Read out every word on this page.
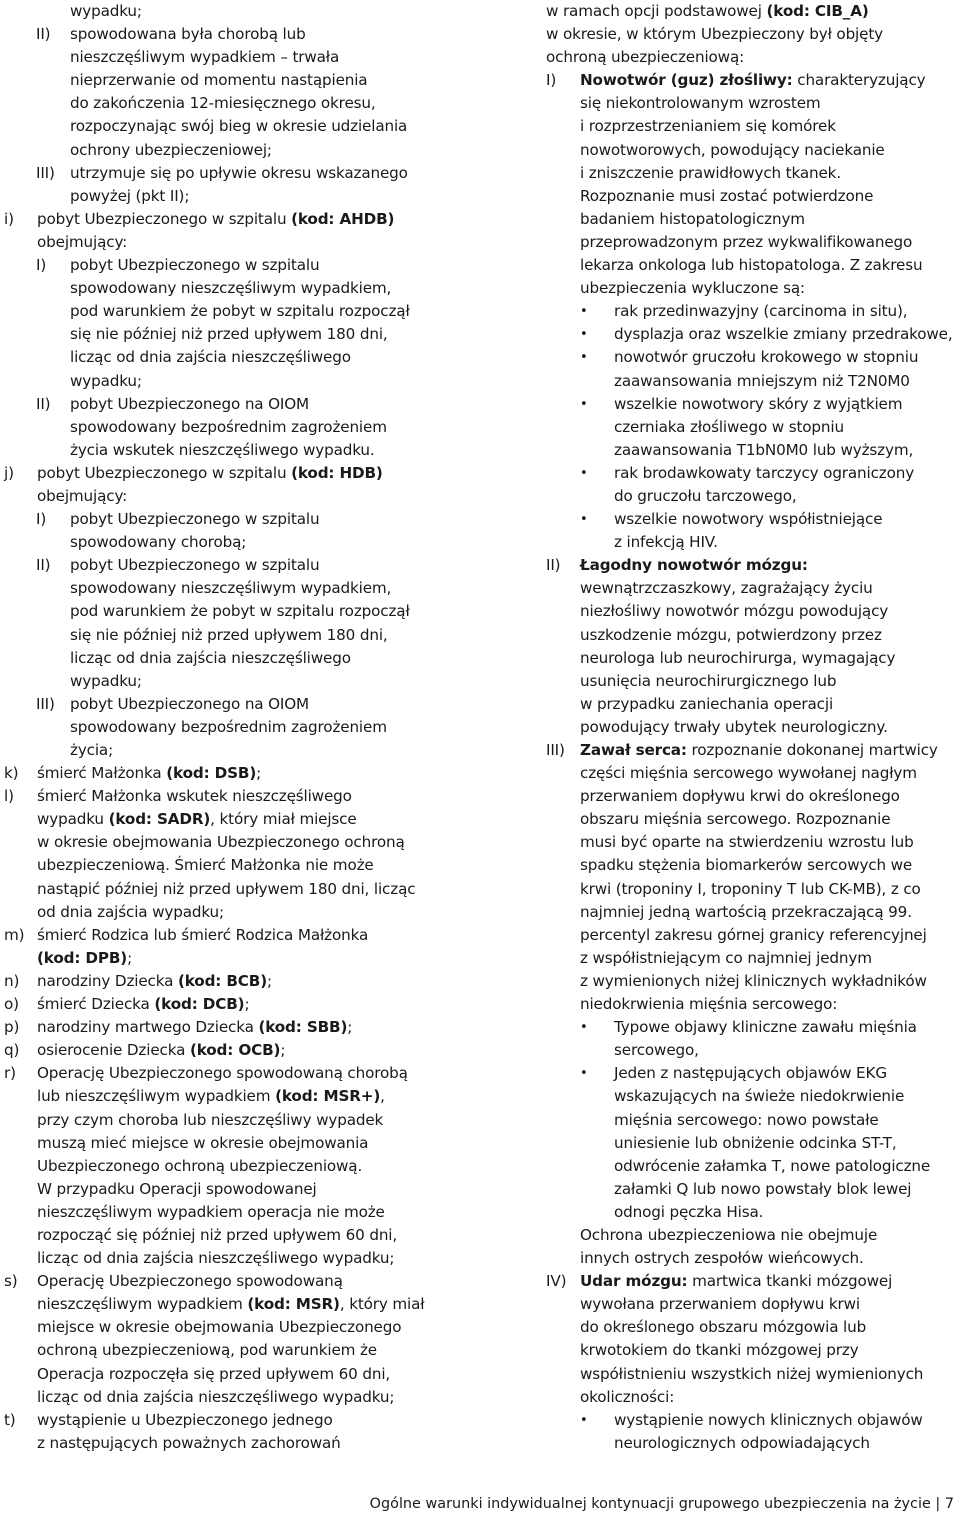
wypadku;
II) spowodowana była chorobą lub
nieszczęśliwym wypadkiem – trwała
nieprzerwanie od momentu nastąpienia
do zakończenia 12-miesięcznego okresu,
rozpoczynając swój bieg w okresie udzielania
ochrony ubezpieczeniowej;
III) utrzymuje się po upływie okresu wskazanego
powyżej (pkt II);
i) pobyt Ubezpieczonego w szpitalu (kod: AHDB)
obejmujący:
I) pobyt Ubezpieczonego w szpitalu
spowodowany nieszczęśliwym wypadkiem,
pod warunkiem że pobyt w szpitalu rozpoczął
się nie później niż przed upływem 180 dni,
licząc od dnia zajścia nieszczęśliwego
wypadku;
II) pobyt Ubezpieczonego na OIOM
spowodowany bezpośrednim zagrożeniem
życia wskutek nieszczęśliwego wypadku.
j) pobyt Ubezpieczonego w szpitalu (kod: HDB)
obejmujący:
I) pobyt Ubezpieczonego w szpitalu
spowodowany chorobą;
II) pobyt Ubezpieczonego w szpitalu
spowodowany nieszczęśliwym wypadkiem,
pod warunkiem że pobyt w szpitalu rozpoczął
się nie później niż przed upływem 180 dni,
licząc od dnia zajścia nieszczęśliwego
wypadku;
III) pobyt Ubezpieczonego na OIOM
spowodowany bezpośrednim zagrożeniem
życia;
k) śmierć Małżonka (kod: DSB);
l) śmierć Małżonka wskutek nieszczęśliwego
wypadku (kod: SADR), który miał miejsce
w okresie obejmowania Ubezpieczonego ochroną
ubezpieczeniową. Śmierć Małżonka nie może
nastąpić później niż przed upływem 180 dni, licząc
od dnia zajścia wypadku;
m) śmierć Rodzica lub śmierć Rodzica Małżonka
(kod: DPB);
n) narodziny Dziecka (kod: BCB);
o) śmierć Dziecka (kod: DCB);
p) narodziny martwego Dziecka (kod: SBB);
q) osierocenie Dziecka (kod: OCB);
r) Operację Ubezpieczonego spowodowaną chorobą
lub nieszczęśliwym wypadkiem (kod: MSR+),
przy czym choroba lub nieszczęśliwy wypadek
muszą mieć miejsce w okresie obejmowania
Ubezpieczonego ochroną ubezpieczeniową.
W przypadku Operacji spowodowanej
nieszczęśliwym wypadkiem operacja nie może
rozpocząć się później niż przed upływem 60 dni,
licząc od dnia zajścia nieszczęśliwego wypadku;
s) Operację Ubezpieczonego spowodowaną
nieszczęśliwym wypadkiem (kod: MSR), który miał
miejsce w okresie obejmowania Ubezpieczonego
ochroną ubezpieczeniową, pod warunkiem że
Operacja rozpoczęła się przed upływem 60 dni,
licząc od dnia zajścia nieszczęśliwego wypadku;
t) wystąpienie u Ubezpieczonego jednego
z następujących poważnych zachorowań
w ramach opcji podstawowej (kod: CIB_A)
w okresie, w którym Ubezpieczony był objęty
ochroną ubezpieczeniową:
I) Nowotwór (guz) złośliwy: charakteryzujący
się niekontrolowanym wzrostem
i rozprzestrzenianiem się komórek
nowotworowych, powodujący naciekanie
i zniszczenie prawidłowych tkanek.
Rozpoznanie musi zostać potwierdzone
badaniem histopatologicznym
przeprowadzonym przez wykwalifikowanego
lekarza onkologa lub histopatologa. Z zakresu
ubezpieczenia wykluczone są:
• rak przedinwazyjny (carcinoma in situ),
• dysplazja oraz wszelkie zmiany przedrakowe,
• nowotwór gruczołu krokowego w stopniu
zaawansowania mniejszym niż T2N0M0
• wszelkie nowotwory skóry z wyjątkiem
czerniaka złośliwego w stopniu
zaawansowania T1bN0M0 lub wyższym,
• rak brodawkowaty tarczycy ograniczony
do gruczołu tarczowego,
• wszelkie nowotwory współistniejące
z infekcją HIV.
II) Łagodny nowotwór mózgu:
wewnątrzczaszkowy, zagrażający życiu
niezłośliwy nowotwór mózgu powodujący
uszkodzenie mózgu, potwierdzony przez
neurologa lub neurochirurga, wymagający
usunięcia neurochirurgicznego lub
w przypadku zaniechania operacji
powodujący trwały ubytek neurologiczny.
III) Zawał serca: rozpoznanie dokonanej martwicy
części mięśnia sercowego wywołanej nagłym
przerwaniem dopływu krwi do określonego
obszaru mięśnia sercowego. Rozpoznanie
musi być oparte na stwierdzeniu wzrostu lub
spadku stężenia biomarkerów sercowych we
krwi (troponiny I, troponiny T lub CK-MB), z co
najmniej jedną wartością przekraczającą 99.
percentyl zakresu górnej granicy referencyjnej
z współistniejącym co najmniej jednym
z wymienionych niżej klinicznych wykładników
niedokrwienia mięśnia sercowego:
• Typowe objawy kliniczne zawału mięśnia
sercowego,
• Jeden z następujących objawów EKG
wskazujących na świeże niedokrwienie
mięśnia sercowego: nowo powstałe
uniesienie lub obniżenie odcinka ST-T,
odwrócenie załamka T, nowe patologiczne
załamki Q lub nowo powstały blok lewej
odnogi pęczka Hisa.
Ochrona ubezpieczeniowa nie obejmuje
innych ostrych zespołów wieńcowych.
IV) Udar mózgu: martwica tkanki mózgowej
wywołana przerwaniem dopływu krwi
do określonego obszaru mózgowia lub
krwotokiem do tkanki mózgowej przy
współistnieniu wszystkich niżej wymienionych
okoliczności:
• wystąpienie nowych klinicznych objawów
neurologicznych odpowiadających
Ogólne warunki indywidualnej kontynuacji grupowego ubezpieczenia na życie | 7
